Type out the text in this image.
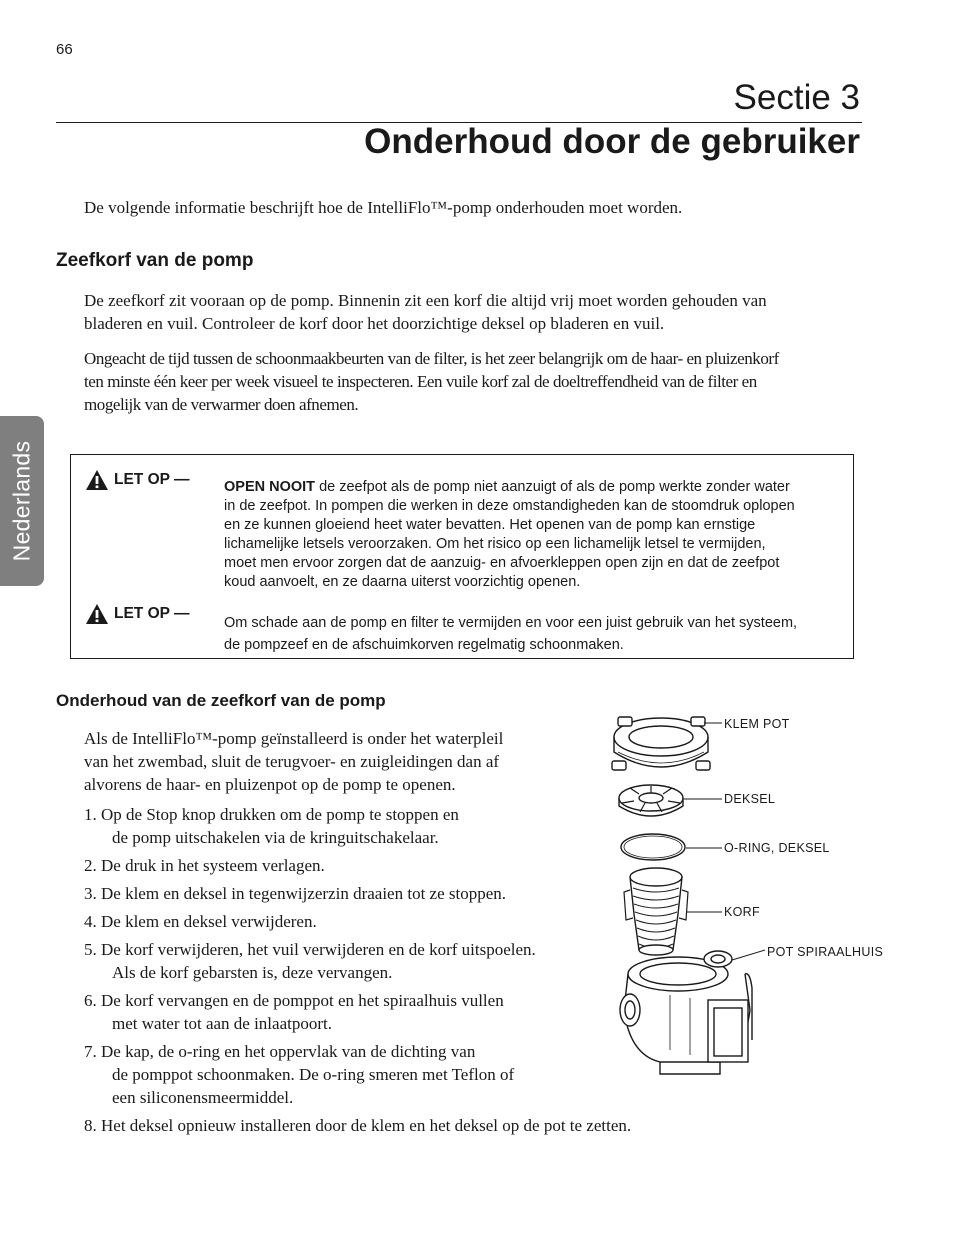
66
Sectie 3
Onderhoud door de gebruiker
De volgende informatie beschrijft hoe de IntelliFlo™-pomp onderhouden moet worden.
Nederlands
Zeefkorf van de pomp
De zeefkorf zit vooraan op de pomp. Binnenin zit een korf die altijd vrij moet worden gehouden van
bladeren en vuil. Controleer de korf door het doorzichtige deksel op bladeren en vuil.
Ongeacht de tijd tussen de schoonmaakbeurten van de filter, is het zeer belangrijk om de haar- en pluizenkorf
ten minste één keer per week visueel te inspecteren. Een vuile korf zal de doeltreffendheid van de filter en
mogelijk van de verwarmer doen afnemen.
LET OP — OPEN NOOIT de zeefpot als de pomp niet aanzuigt of als de pomp werkte zonder water
in de zeefpot. In pompen die werken in deze omstandigheden kan de stoomdruk oplopen
en ze kunnen gloeiend heet water bevatten. Het openen van de pomp kan ernstige
lichamelijke letsels veroorzaken. Om het risico op een lichamelijk letsel te vermijden,
moet men ervoor zorgen dat de aanzuig- en afvoerkleppen open zijn en dat de zeefpot
koud aanvoelt, en ze daarna uiterst voorzichtig openen.
LET OP —
Om schade aan de pomp en filter te vermijden en voor een juist gebruik van het systeem,
de pompzeef en de afschuimkorven regelmatig schoonmaken.
Onderhoud van de zeefkorf van de pomp
Als de IntelliFlo™-pomp geïnstalleerd is onder het waterpleil
van het zwembad, sluit de terugvoer- en zuigleidingen dan af
alvorens de haar- en pluizenpot op de pomp te openen.
1. Op de Stop knop drukken om de pomp te stoppen en
de pomp uitschakelen via de kringuitschakelaar.
2. De druk in het systeem verlagen.
3. De klem en deksel in tegenwijzerzin draaien tot ze stoppen.
4. De klem en deksel verwijderen.
5. De korf verwijderen, het vuil verwijderen en de korf uitspoelen.
Als de korf gebarsten is, deze vervangen.
6. De korf vervangen en de pomppot en het spiraalhuis vullen
met water tot aan de inlaatpoort.
7. De kap, de o-ring en het oppervlak van de dichting van
de pomppot schoonmaken. De o-ring smeren met Teflon of
een siliconensmeermiddel.
8. Het deksel opnieuw installeren door de klem en het deksel op de pot te zetten.
KLEM POT
DEKSEL
O-RING, DEKSEL
KORF
POT SPIRAALHUIS
